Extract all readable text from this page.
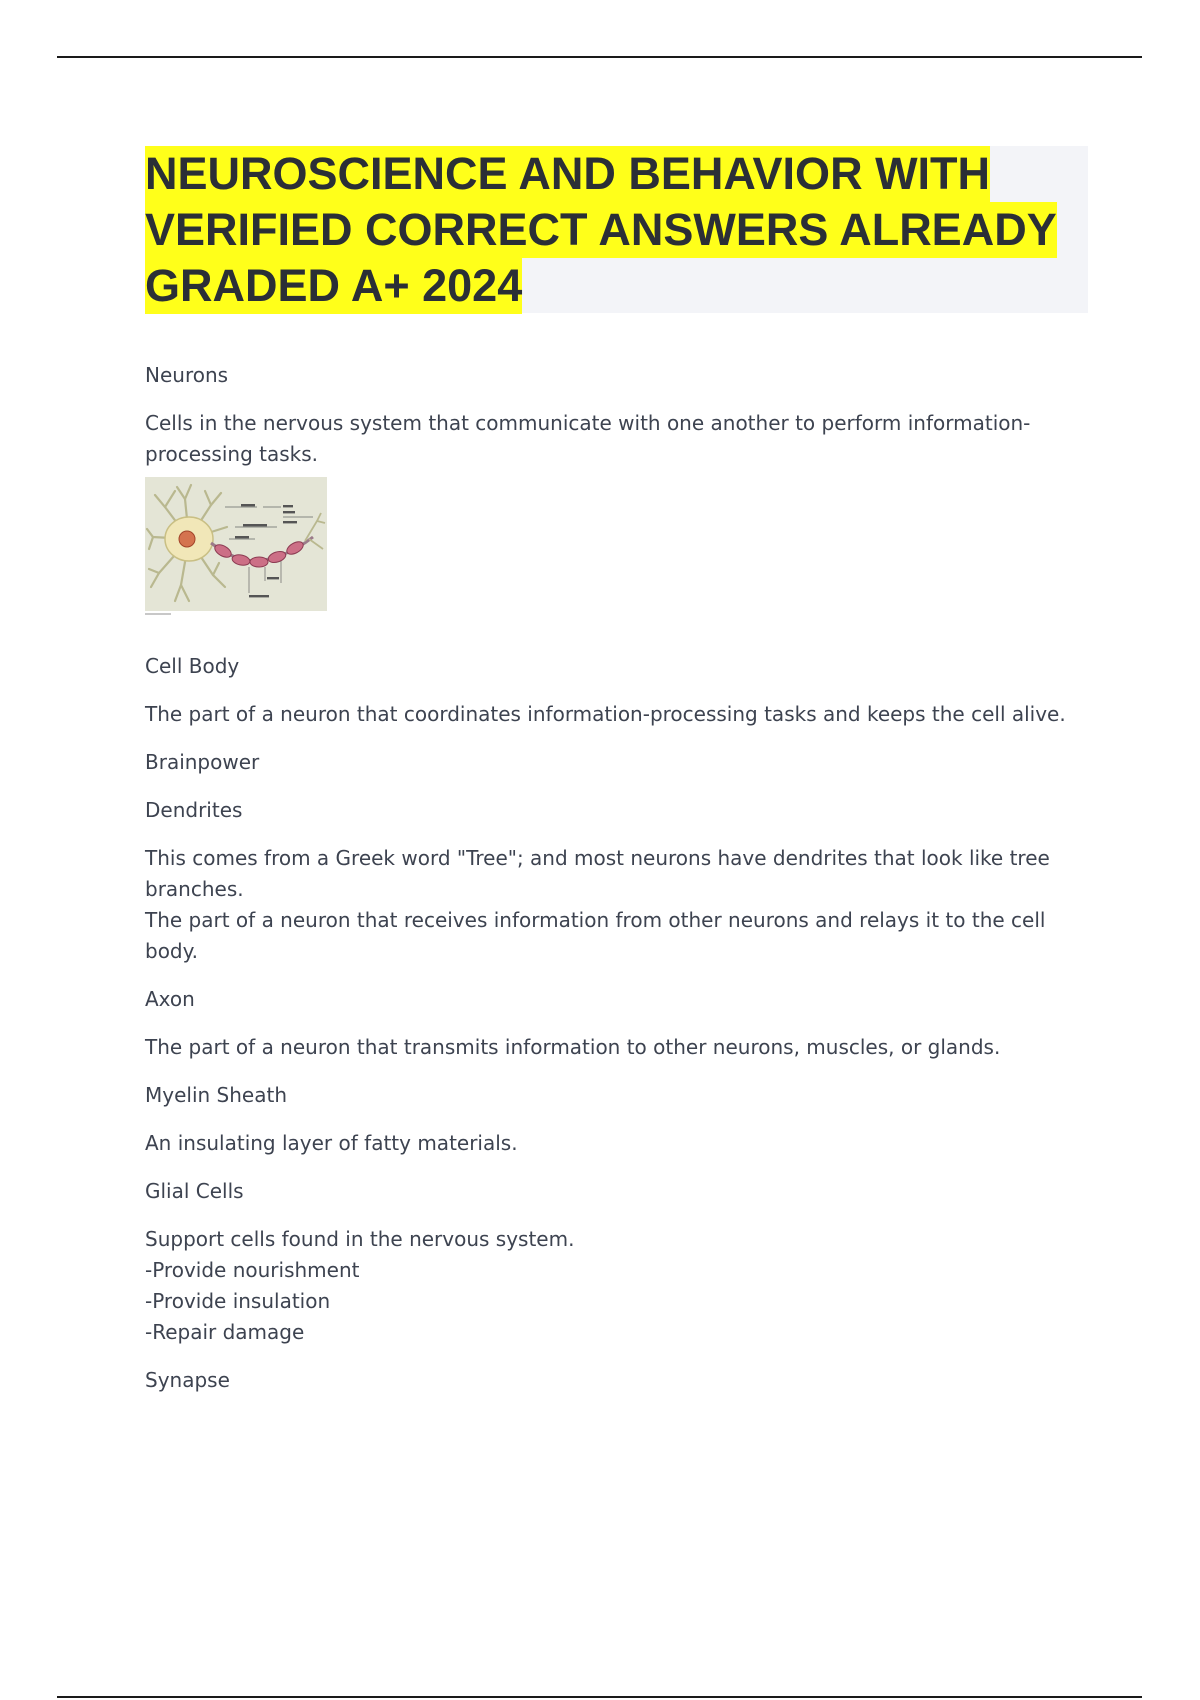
NEUROSCIENCE AND BEHAVIOR WITH VERIFIED CORRECT ANSWERS ALREADY GRADED A+ 2024

Neurons

Cells in the nervous system that communicate with one another to perform information-processing tasks.

Cell Body

The part of a neuron that coordinates information-processing tasks and keeps the cell alive.

Brainpower

Dendrites

This comes from a Greek word "Tree"; and most neurons have dendrites that look like tree branches.

The part of a neuron that receives information from other neurons and relays it to the cell body.

Axon

The part of a neuron that transmits information to other neurons, muscles, or glands.

Myelin Sheath

An insulating layer of fatty materials.

Glial Cells

Support cells found in the nervous system.

-Provide nourishment

-Provide insulation

-Repair damage

Synapse
